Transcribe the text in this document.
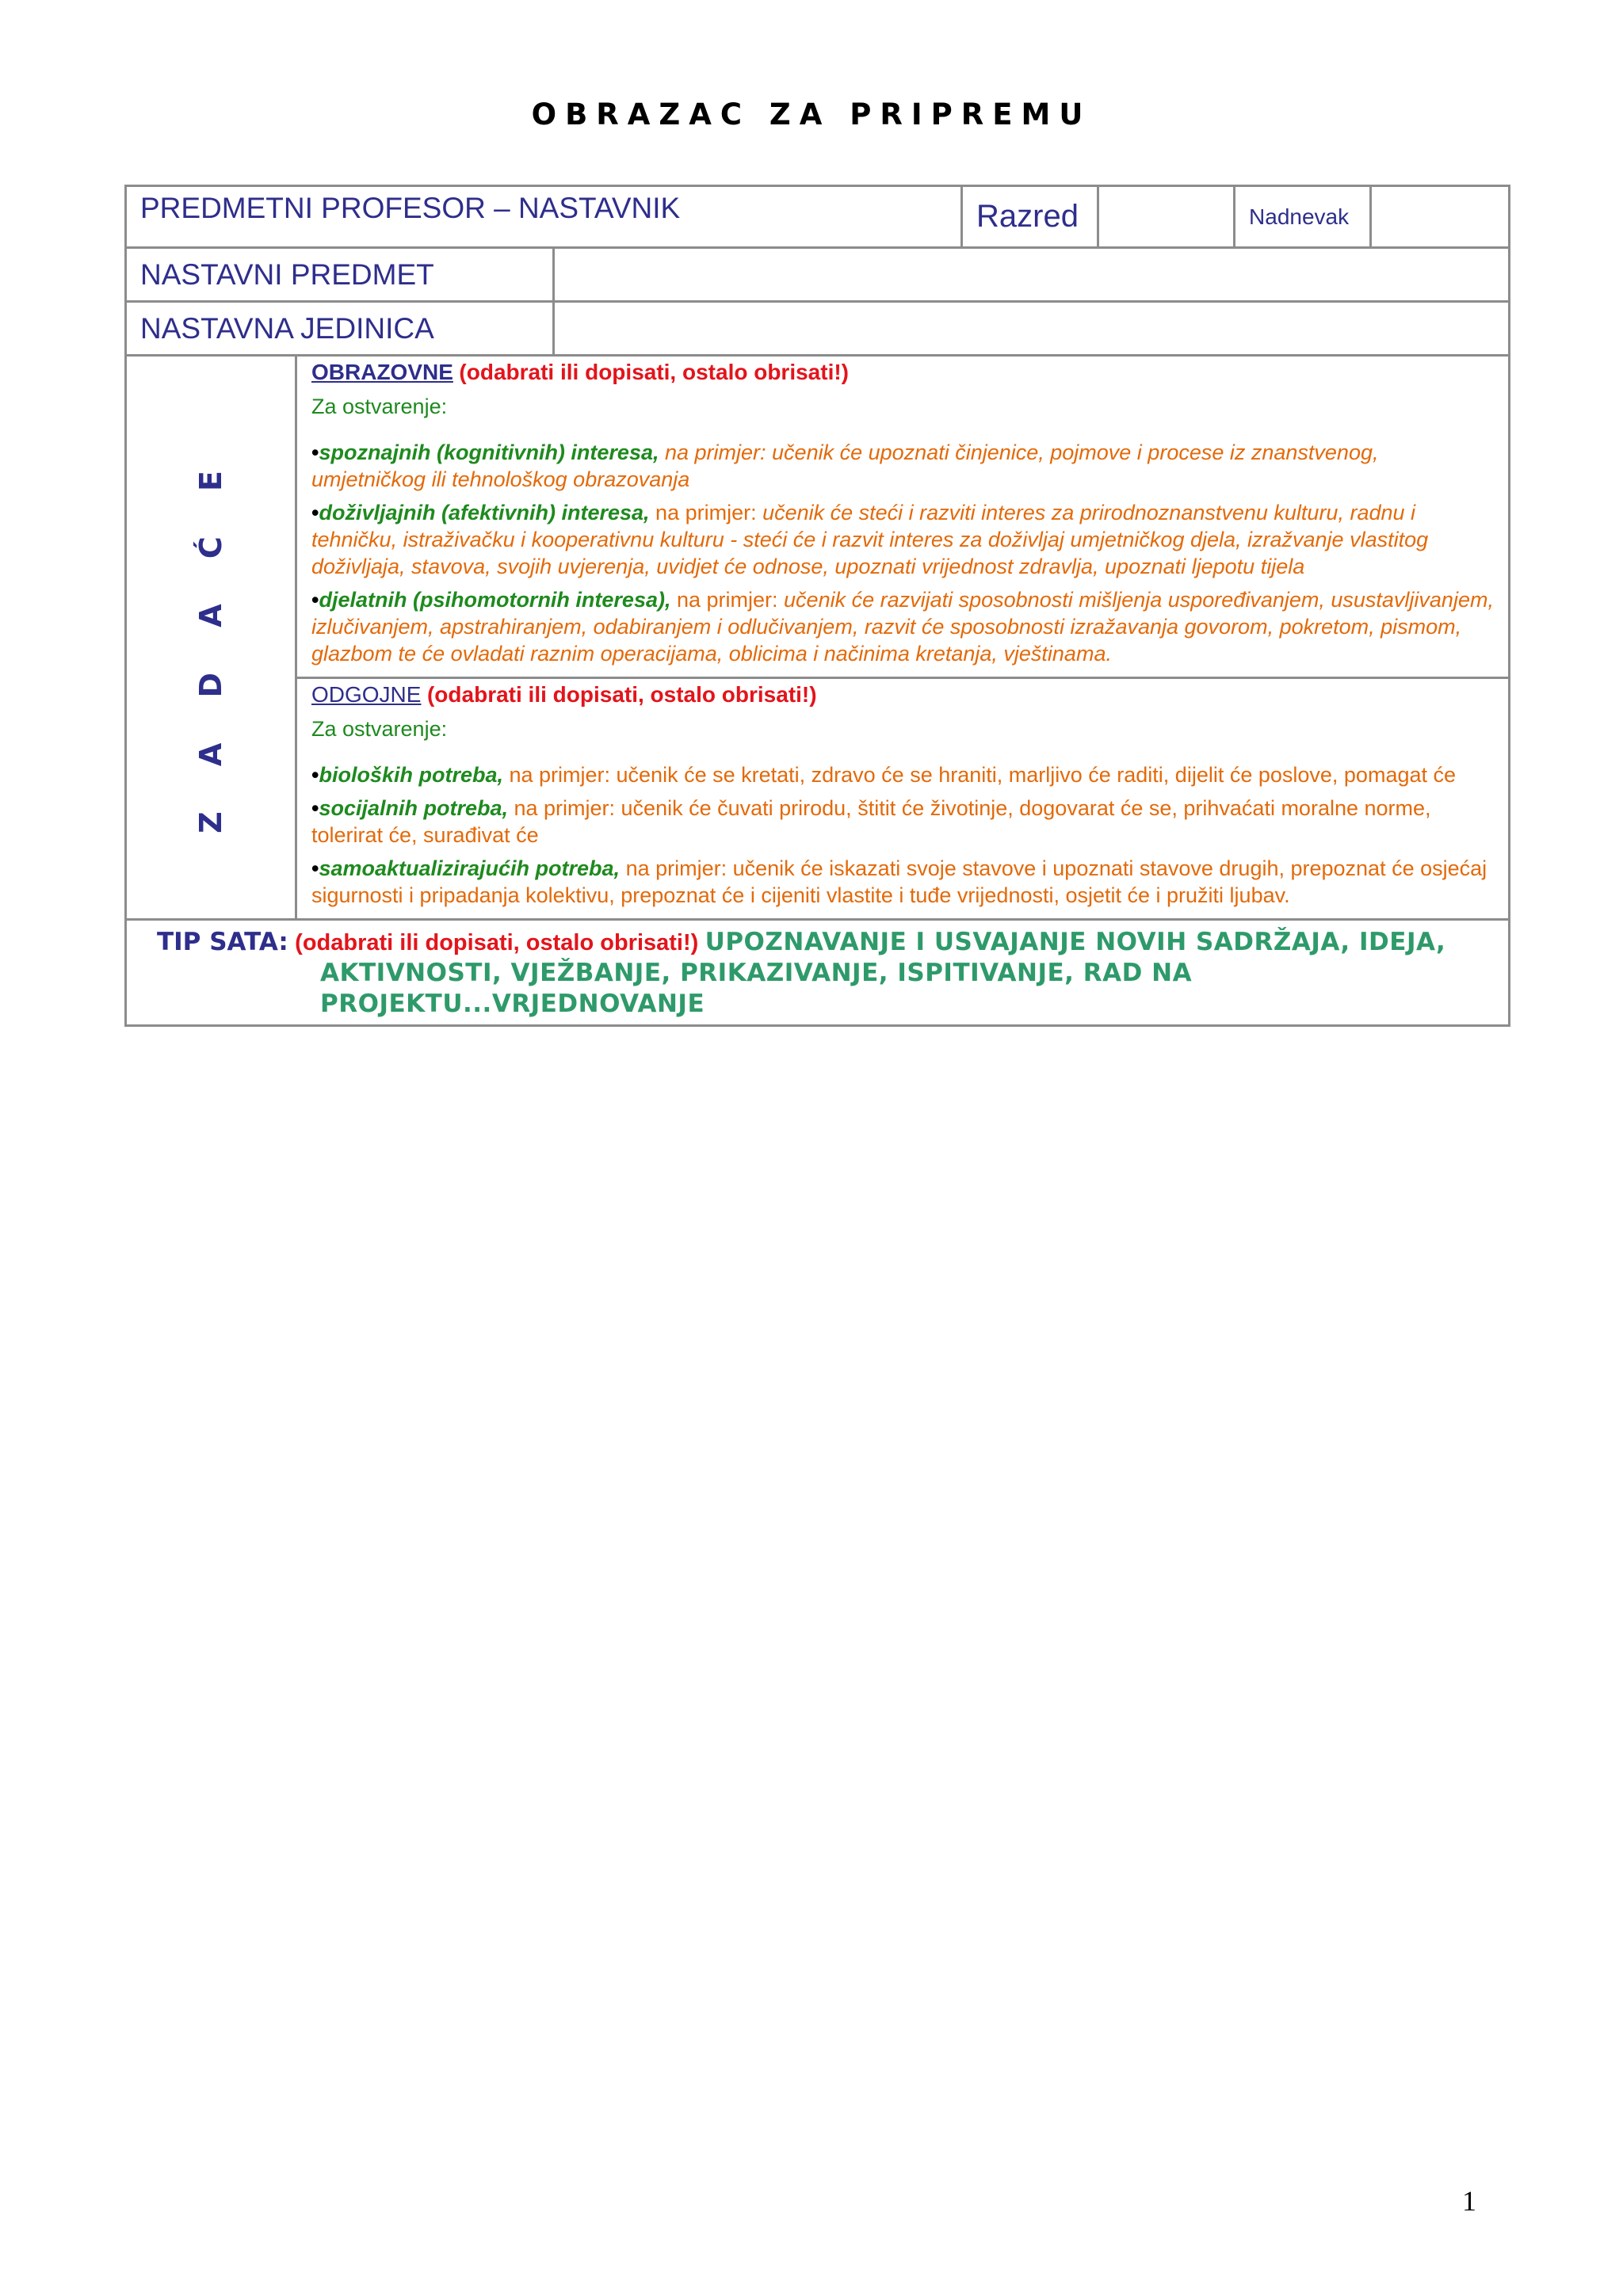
OBRAZAC ZA PRIPREMU
PREDMETNI PROFESOR – NASTAVNIK			Razred		Nadnevak	
NASTAVNI PREDMET						
NASTAVNA JEDINICA						
Z A D A Ć E	OBRAZOVNE (odabrati ili dopisati, ostalo obrisati!)
Za ostvarenje:
•spoznajnih (kognitivnih) interesa, na primjer: učenik će upoznati činjenice, pojmove i procese iz znanstvenog, umjetničkog ili tehnološkog obrazovanja
•doživljajnih (afektivnih) interesa, na primjer: učenik će steći i razviti interes za prirodnoznanstvenu kulturu, radnu i tehničku, istraživačku i kooperativnu kulturu - steći će i razvit interes za doživljaj umjetničkog djela, izražvanje vlastitog doživljaja, stavova, svojih uvjerenja, uvidjet će odnose, upoznati vrijednost zdravlja, upoznati ljepotu tijela
•djelatnih (psihomotornih interesa), na primjer: učenik će razvijati sposobnosti mišljenja uspoređivanjem, usustavljivanjem, izlučivanjem, apstrahiranjem, odabiranjem i odlučivanjem, razvit će sposobnosti izražavanja govorom, pokretom, pismom, glazbom te će ovladati raznim operacijama, oblicima i načinima kretanja, vještinama.					

	ODGOJNE (odabrati ili dopisati, ostalo obrisati!)
Za ostvarenje:
•bioloških potreba, na primjer: učenik će se kretati, zdravo će se hraniti, marljivo će raditi, dijelit će poslove, pomagat će
•socijalnih potreba, na primjer: učenik će čuvati prirodu, štitit će životinje, dogovarat će se, prihvaćati moralne norme, tolerirat će, surađivat će
•samoaktualizirajućih potreba, na primjer: učenik će iskazati svoje stavove i upoznati stavove drugih, prepoznat će osjećaj sigurnosti i pripadanja kolektivu, prepoznat će i cijeniti vlastite i tuđe vrijednosti, osjetit će i pružiti ljubav.					

TIP SATA: (odabrati ili dopisati, ostalo obrisati!) UPOZNAVANJE I USVAJANJE NOVIH SADRŽAJA, IDEJA,
AKTIVNOSTI, VJEŽBANJE, PRIKAZIVANJE, ISPITIVANJE, RAD NA PROJEKTU...VRJEDNOVANJE						
1
